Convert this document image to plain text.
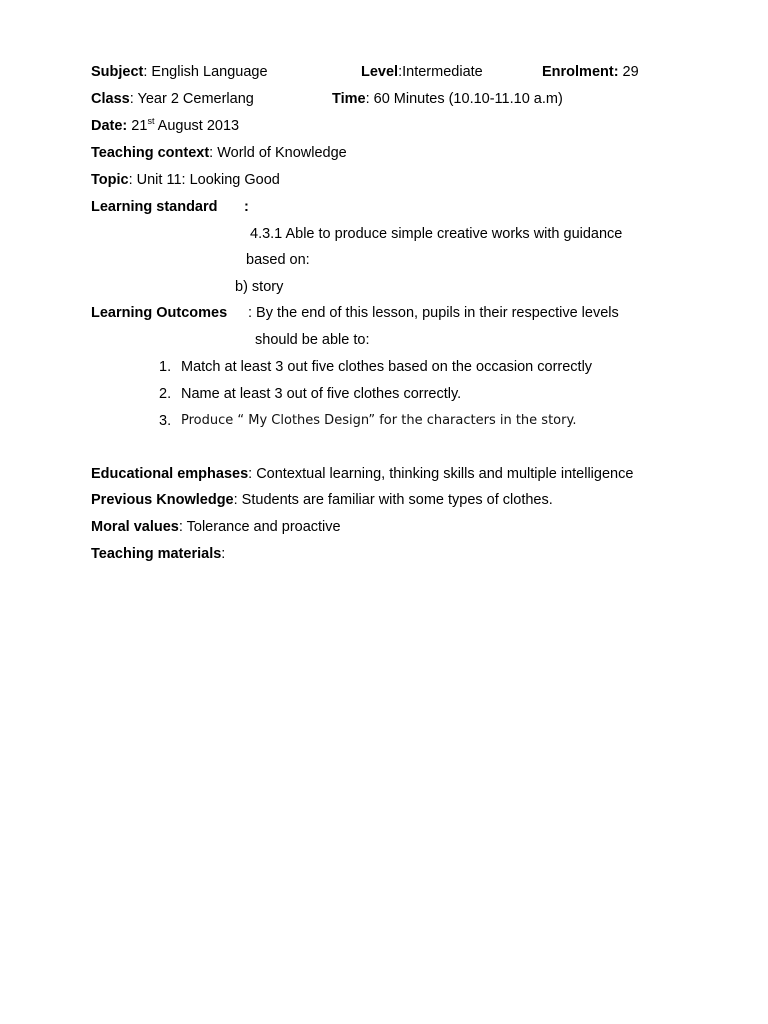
Subject: English Language	Level:Intermediate	Enrolment: 29
Class: Year 2 Cemerlang	Time: 60 Minutes (10.10-11.10 a.m)
Date: 21st August 2013
Teaching context: World of Knowledge
Topic: Unit 11: Looking Good
Learning standard :
4.3.1 Able to produce simple creative works with guidance
based on:
b) story
Learning Outcomes : By the end of this lesson, pupils in their respective levels
should be able to:
1. Match at least 3 out five clothes based on the occasion correctly
2. Name at least 3 out of five clothes correctly.
3. Produce “ My Clothes Design” for the characters in the story.
Educational emphases: Contextual learning, thinking skills and multiple intelligence
Previous Knowledge: Students are familiar with some types of clothes.
Moral values: Tolerance and proactive
Teaching materials:
